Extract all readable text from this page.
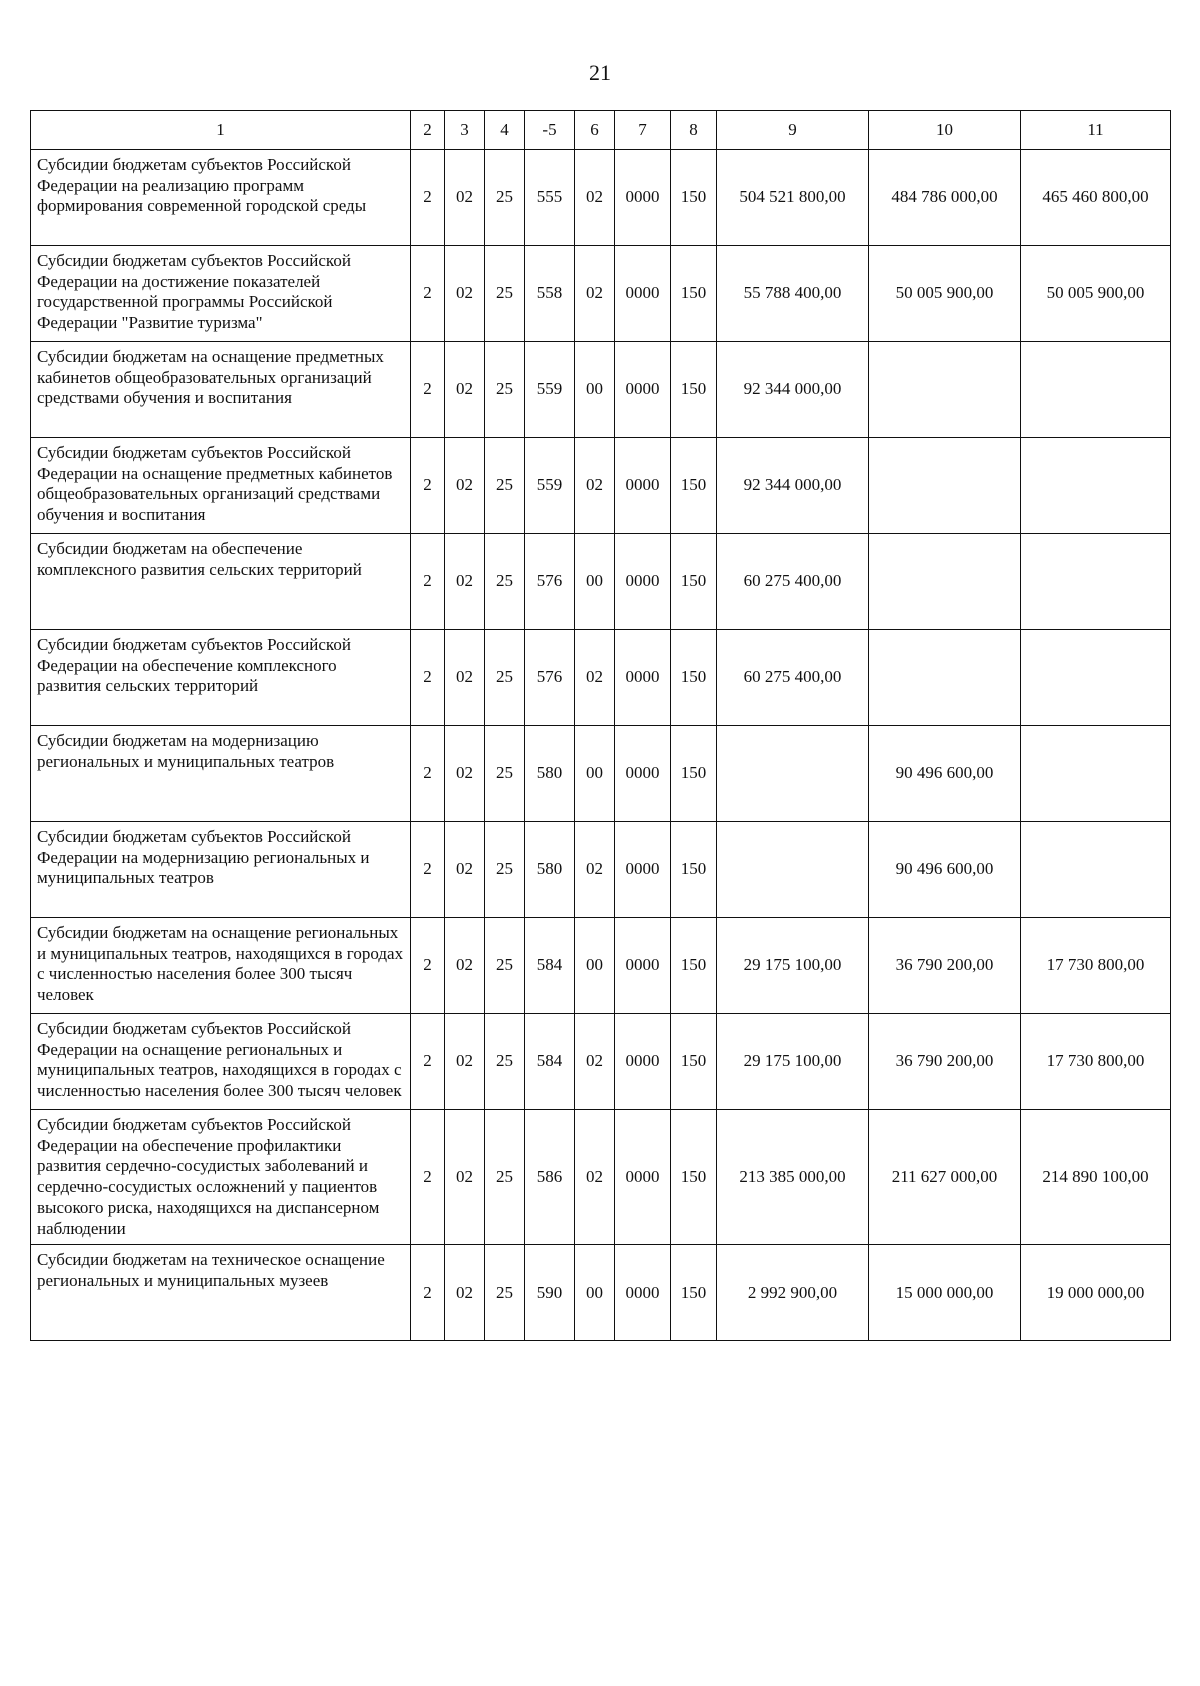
21
1	2	3	4	-5	6	7	8	9	10	11
Субсидии бюджетам субъектов Российской Федерации на реализацию программ формирования современной городской среды	2	02	25	555	02	0000	150	504 521 800,00	484 786 000,00	465 460 800,00
Субсидии бюджетам субъектов Российской Федерации на достижение показателей государственной программы Российской Федерации "Развитие туризма"	2	02	25	558	02	0000	150	55 788 400,00	50 005 900,00	50 005 900,00
Субсидии бюджетам на оснащение предметных кабинетов общеобразовательных организаций средствами обучения и воспитания	2	02	25	559	00	0000	150	92 344 000,00		
Субсидии бюджетам субъектов Российской Федерации на оснащение предметных кабинетов общеобразовательных организаций средствами обучения и воспитания	2	02	25	559	02	0000	150	92 344 000,00		
Субсидии бюджетам на обеспечение комплексного развития сельских территорий	2	02	25	576	00	0000	150	60 275 400,00		
Субсидии бюджетам субъектов Российской Федерации на обеспечение комплексного развития сельских территорий	2	02	25	576	02	0000	150	60 275 400,00		
Субсидии бюджетам на модернизацию региональных и муниципальных театров	2	02	25	580	00	0000	150		90 496 600,00	
Субсидии бюджетам субъектов Российской Федерации на модернизацию региональных и муниципальных театров	2	02	25	580	02	0000	150		90 496 600,00	
Субсидии бюджетам на оснащение региональных и муниципальных театров, находящихся в городах с численностью населения более 300 тысяч человек	2	02	25	584	00	0000	150	29 175 100,00	36 790 200,00	17 730 800,00
Субсидии бюджетам субъектов Российской Федерации на оснащение региональных и муниципальных театров, находящихся в городах с численностью населения более 300 тысяч человек	2	02	25	584	02	0000	150	29 175 100,00	36 790 200,00	17 730 800,00
Субсидии бюджетам субъектов Российской Федерации на обеспечение профилактики развития сердечно-сосудистых заболеваний и сердечно-сосудистых осложнений у пациентов высокого риска, находящихся на диспансерном наблюдении	2	02	25	586	02	0000	150	213 385 000,00	211 627 000,00	214 890 100,00
Субсидии бюджетам на техническое оснащение региональных и муниципальных музеев	2	02	25	590	00	0000	150	2 992 900,00	15 000 000,00	19 000 000,00
